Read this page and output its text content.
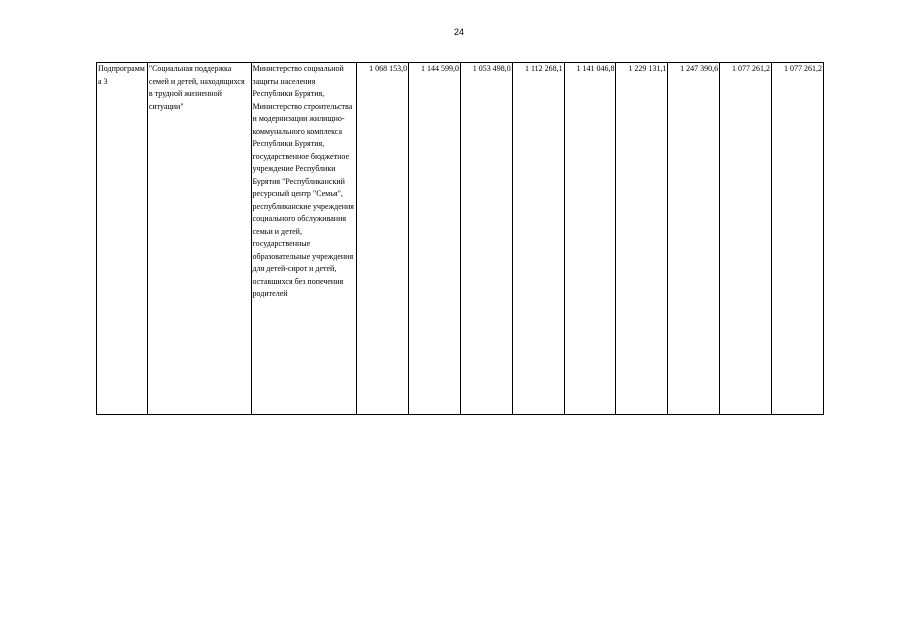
24
Подпрограмма 3	"Социальная поддержка семей и детей, находящихся в трудной жизненной ситуации"	Министерство социальной защиты населения Республики Бурятия, Министерство строительства и модернизации жилищно-коммунального комплекса Республики Бурятия, государственное бюджетное учреждение Республики Бурятия "Республиканский ресурсный центр "Семья", республиканские учреждения социального обслуживания семьи и детей, государственные образовательные учреждения для детей-сирот и детей, оставшихся без попечения родителей	1 068 153,0	1 144 599,0	1 053 498,0	1 112 268,1	1 141 046,8	1 229 131,1	1 247 390,6	1 077 261,2	1 077 261,2
